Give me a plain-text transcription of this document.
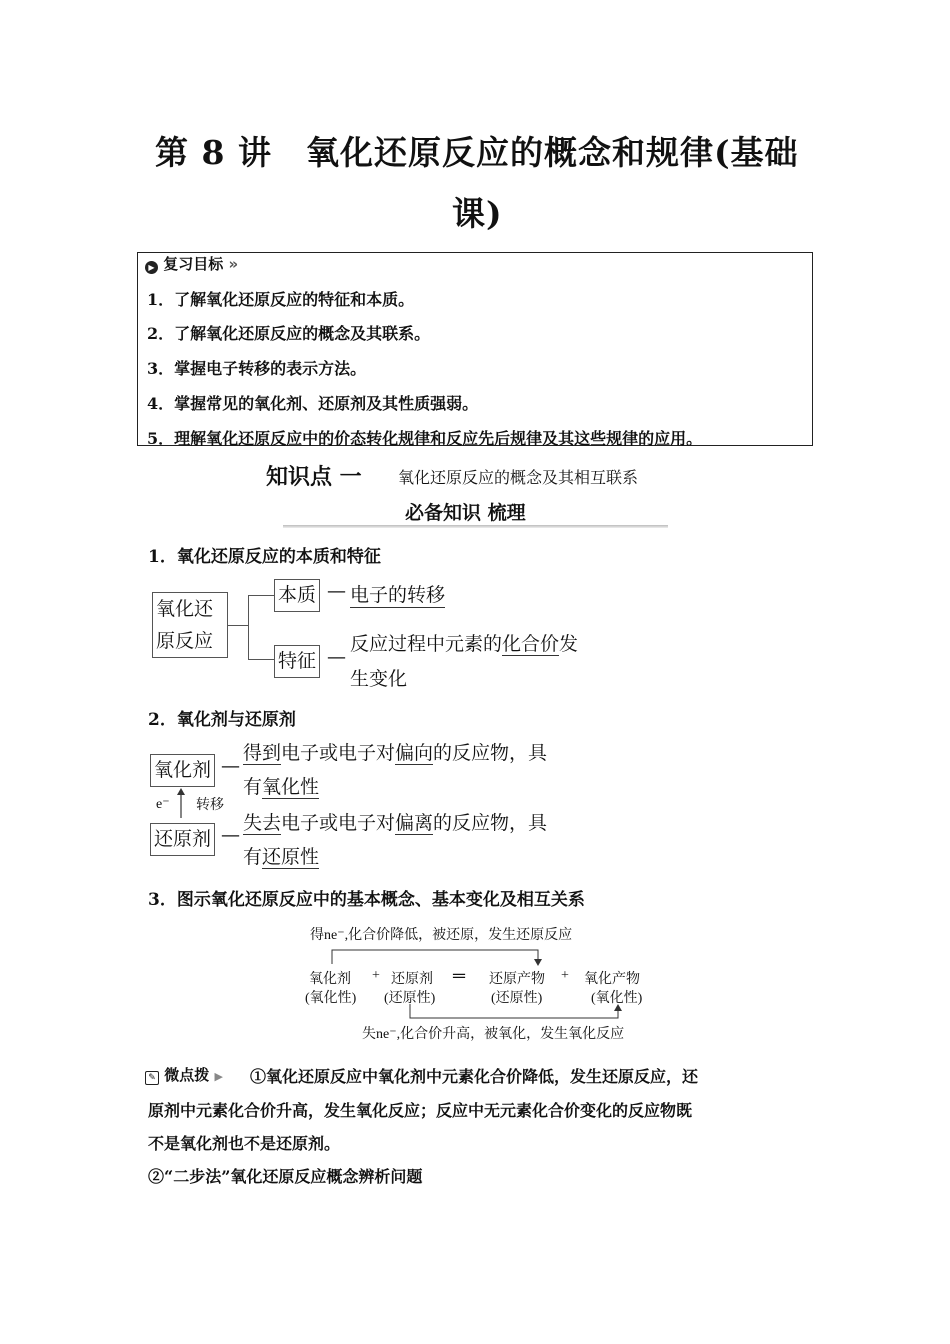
第 8 讲　氧化还原反应的概念和规律(基础
课)
▶ 复习目标 »
1．了解氧化还原反应的特征和本质。
2．了解氧化还原反应的概念及其联系。
3．掌握电子转移的表示方法。
4．掌握常见的氧化剂、还原剂及其性质强弱。
5．理解氧化还原反应中的价态转化规律和反应先后规律及其这些规律的应用。
知识点 一 氧化还原反应的概念及其相互联系
必备知识 梳理
1．氧化还原反应的本质和特征
氧化还
原反应
本质 — 电子的转移
特征 —
反应过程中元素的化合价发
生变化
2．氧化剂与还原剂
氧化剂 —
得到电子或电子对偏向的反应物，具
有氧化性
e⁻ 转移
还原剂 —
失去电子或电子对偏离的反应物，具
有还原性
3．图示氧化还原反应中的基本概念、基本变化及相互关系
得ne⁻,化合价降低，被还原，发生还原反应
氧化剂
(氧化性)
+ 还原剂
(还原性)
═ 还原产物
(还原性)
+ 氧化产物
(氧化性)
失ne⁻,化合价升高，被氧化，发生氧化反应
✎ 微点拨 ▶ ①氧化还原反应中氧化剂中元素化合价降低，发生还原反应，还
原剂中元素化合价升高，发生氧化反应；反应中无元素化合价变化的反应物既
不是氧化剂也不是还原剂。
②“二步法”氧化还原反应概念辨析问题
